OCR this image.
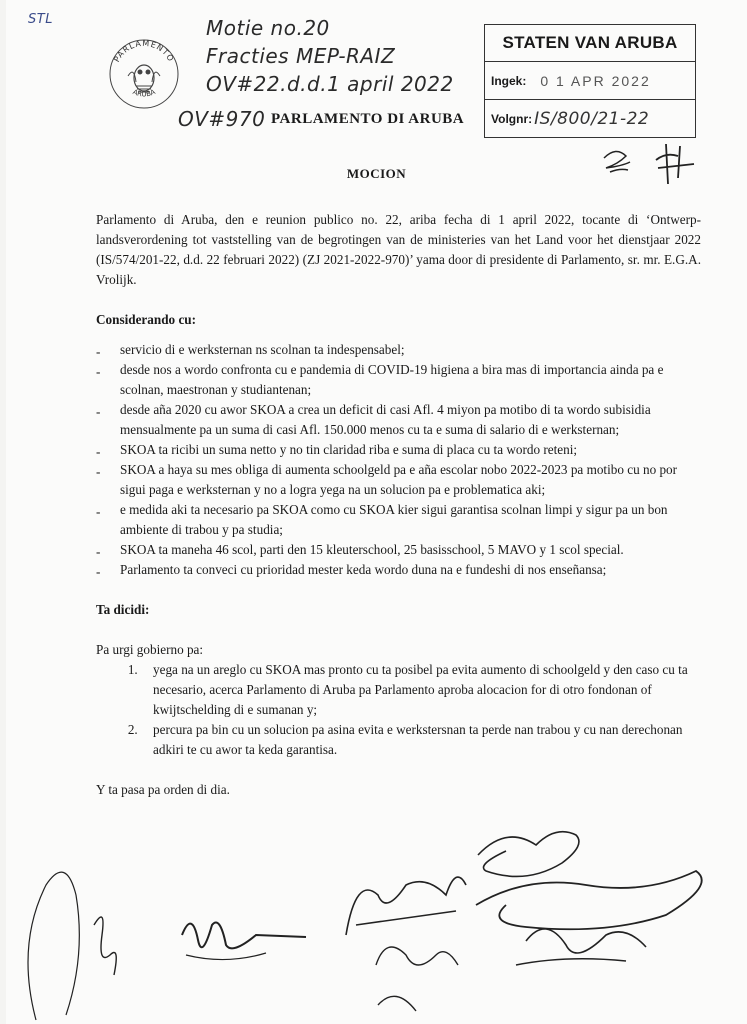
STL	Motie no.20
Fracties MEP-RAIZ
OV#22.d.d.1 april 2022
OV#970
PARLAMENTO
ARUBA
PARLAMENTO DI ARUBA
STATEN VAN ARUBA
Ingek: 0 1 APR 2022
Volgnr: IS/800/21-22
MOCION

Parlamento di Aruba, den e reunion publico no. 22, ariba fecha di 1 april 2022, tocante di ‘Ontwerp-landsverordening tot vaststelling van de begrotingen van de ministeries van het Land voor het dienstjaar 2022 (IS/574/201-22, d.d. 22 februari 2022) (ZJ 2021-2022-970)’ yama door di presidente di Parlamento, sr. mr. E.G.A. Vrolijk.

Considerando cu:

- servicio di e werksternan ns scolnan ta indespensabel;
- desde nos a wordo confronta cu e pandemia di COVID-19 higiena a bira mas di importancia ainda pa e scolnan, maestronan y studiantenan;
- desde aña 2020 cu awor SKOA a crea un deficit di casi Afl. 4 miyon pa motibo di ta wordo subisidia mensualmente pa un suma di casi Afl. 150.000 menos cu ta e suma di salario di e werksternan;
- SKOA ta ricibi un suma netto y no tin claridad riba e suma di placa cu ta wordo reteni;
- SKOA a haya su mes obliga di aumenta schoolgeld pa e aña escolar nobo 2022-2023 pa motibo cu no por sigui paga e werksternan y no a logra yega na un solucion pa e problematica aki;
- e medida aki ta necesario pa SKOA como cu SKOA kier sigui garantisa scolnan limpi y sigur pa un bon ambiente di trabou y pa studia;
- SKOA ta maneha 46 scol, parti den 15 kleuterschool, 25 basisschool, 5 MAVO y 1 scol special.
- Parlamento ta conveci cu prioridad mester keda wordo duna na e fundeshi di nos enseñansa;

Ta dicidi:

Pa urgi gobierno pa:

1. yega na un areglo cu SKOA mas pronto cu ta posibel pa evita aumento di schoolgeld y den caso cu ta necesario, acerca Parlamento di Aruba pa Parlamento aproba alocacion for di otro fondonan of kwijtschelding di e sumanan y;
2. percura pa bin cu un solucion pa asina evita e werkstersnan ta perde nan trabou y cu nan derechonan adkiri te cu awor ta keda garantisa.

Y ta pasa pa orden di dia.
